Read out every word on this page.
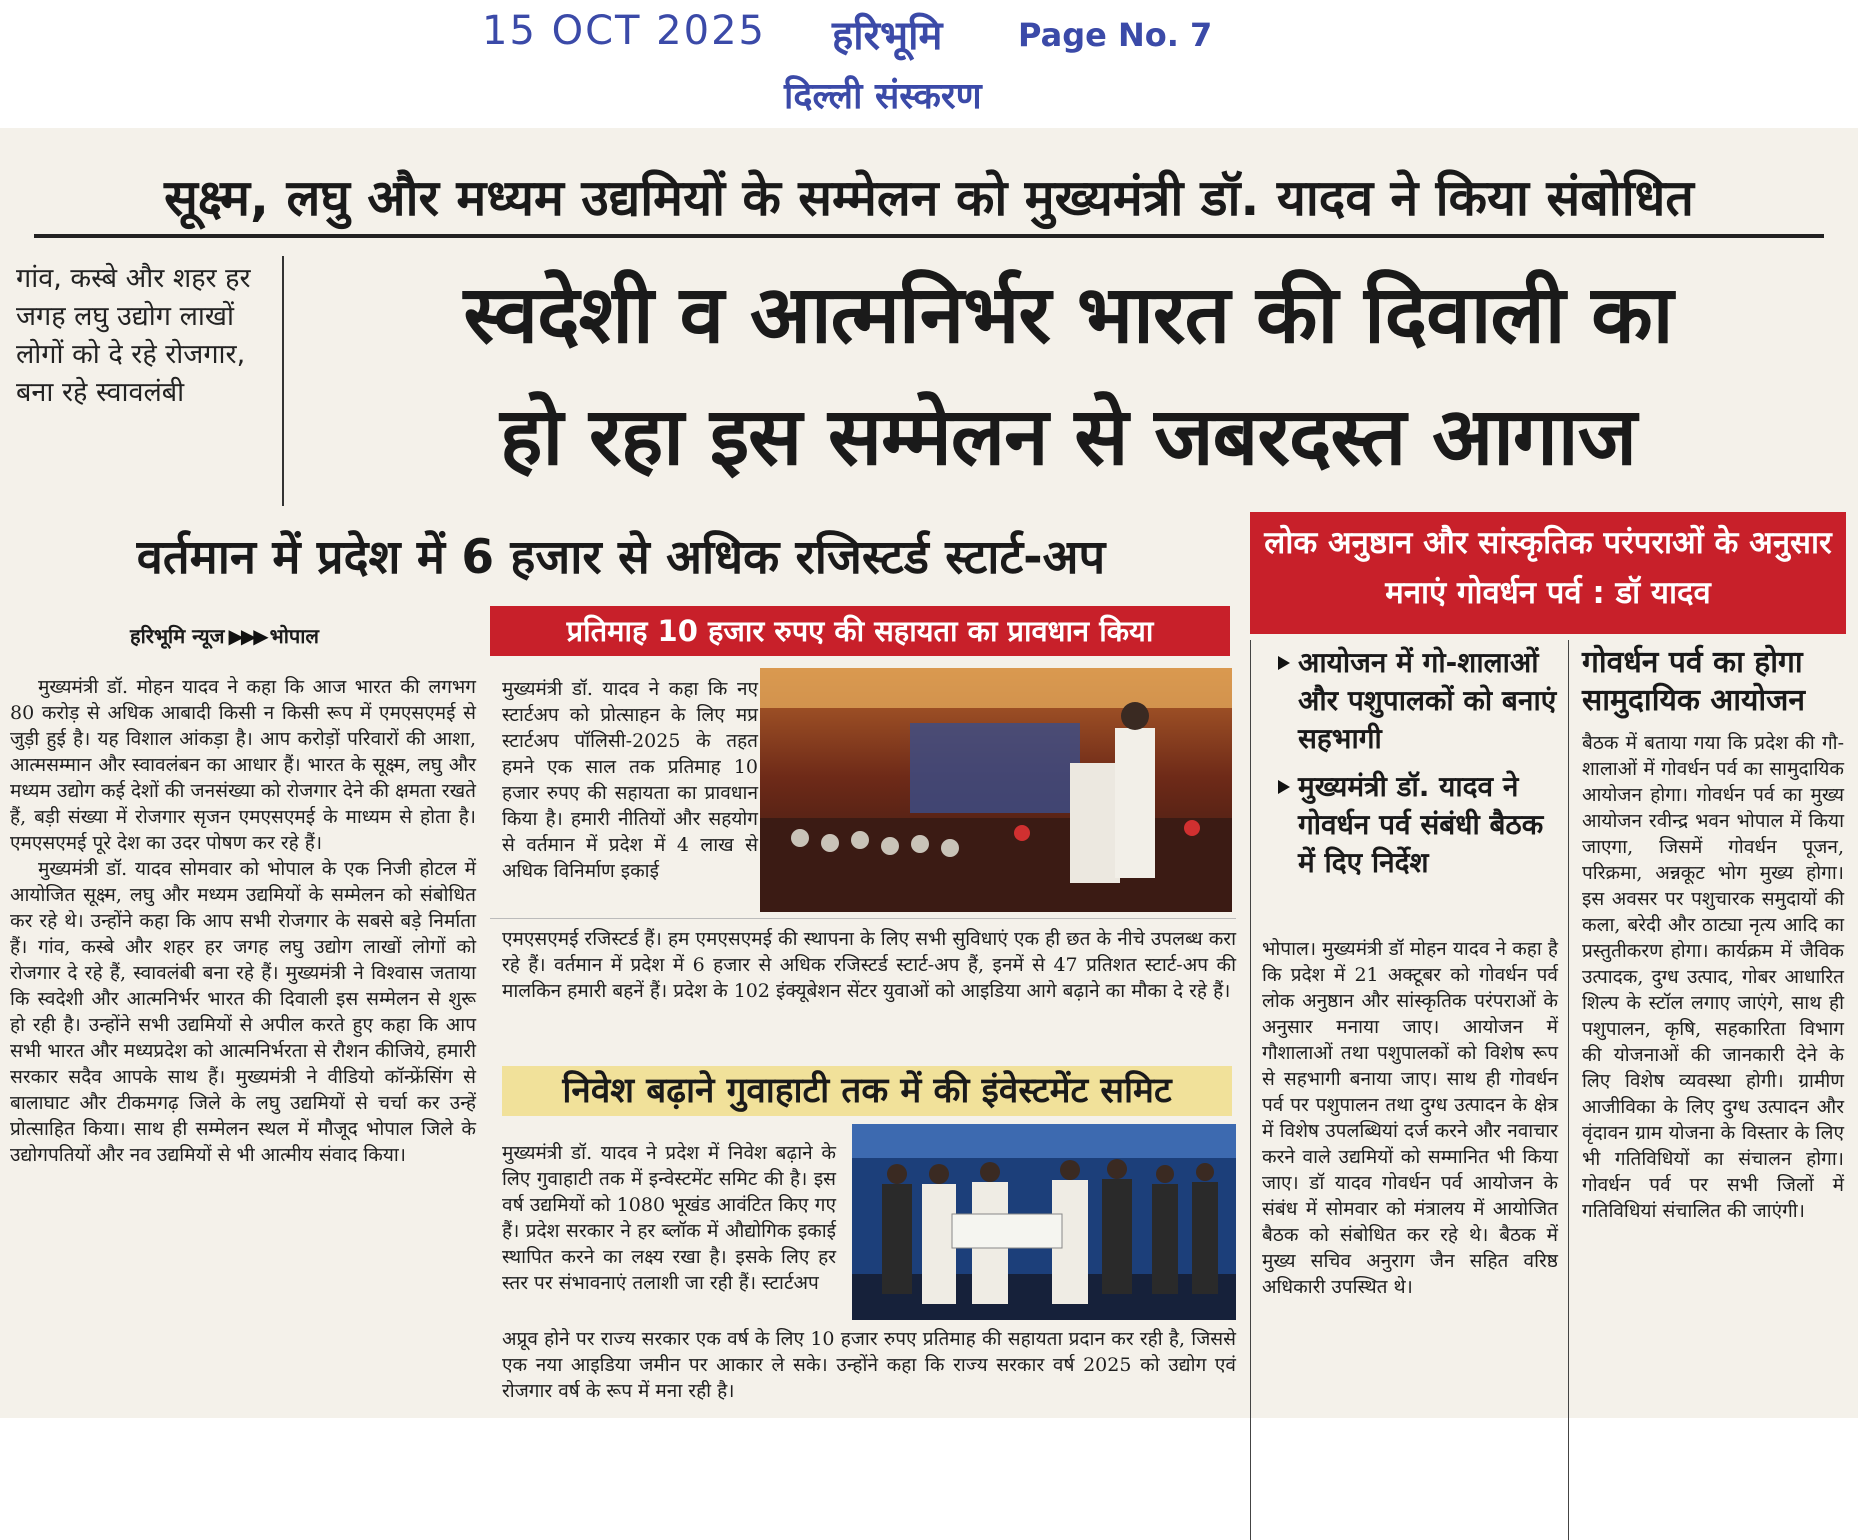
15 OCT 2025 हरिभूमि Page No. 7
दिल्ली संस्करण
सूक्ष्म, लघु और मध्यम उद्यमियों के सम्मेलन को मुख्यमंत्री डॉ. यादव ने किया संबोधित
गांव, कस्बे और शहर हर जगह लघु उद्योग लाखों लोगों को दे रहे रोजगार, बना रहे स्वावलंबी
स्वदेशी व आत्मनिर्भर भारत की दिवाली का
हो रहा इस सम्मेलन से जबरदस्त आगाज
वर्तमान में प्रदेश में 6 हजार से अधिक रजिस्टर्ड स्टार्ट-अप	लोक अनुष्ठान और सांस्कृतिक परंपराओं के अनुसार मनाएं गोवर्धन पर्व : डॉ यादव
हरिभूमि न्यूज ▶▶▶ भोपाल	प्रतिमाह 10 हजार रुपए की सहायता का प्रावधान किया

मुख्यमंत्री डॉ. मोहन यादव ने कहा कि आज भारत की लगभग 80 करोड़ से अधिक आबादी किसी न किसी रूप में एमएसएमई से जुड़ी हुई है। यह विशाल आंकड़ा है। आप करोड़ों परिवारों की आशा, आत्मसम्मान और स्वावलंबन का आधार हैं। भारत के सूक्ष्म, लघु और मध्यम उद्योग कई देशों की जनसंख्या को रोजगार देने की क्षमता रखते हैं, बड़ी संख्या में रोजगार सृजन एमएसएमई के माध्यम से होता है। एमएसएमई पूरे देश का उदर पोषण कर रहे हैं।

मुख्यमंत्री डॉ. यादव सोमवार को भोपाल के एक निजी होटल में आयोजित सूक्ष्म, लघु और मध्यम उद्यमियों के सम्मेलन को संबोधित कर रहे थे। उन्होंने कहा कि आप सभी रोजगार के सबसे बड़े निर्माता हैं। गांव, कस्बे और शहर हर जगह लघु उद्योग लाखों लोगों को रोजगार दे रहे हैं, स्वावलंबी बना रहे हैं। मुख्यमंत्री ने विश्वास जताया कि स्वदेशी और आत्मनिर्भर भारत की दिवाली इस सम्मेलन से शुरू हो रही है। उन्होंने सभी उद्यमियों से अपील करते हुए कहा कि आप सभी भारत और मध्यप्रदेश को आत्मनिर्भरता से रौशन कीजिये, हमारी सरकार सदैव आपके साथ हैं। मुख्यमंत्री ने वीडियो कॉन्फ्रेंसिंग से बालाघाट और टीकमगढ़ जिले के लघु उद्यमियों से चर्चा कर उन्हें प्रोत्साहित किया। साथ ही सम्मेलन स्थल में मौजूद भोपाल जिले के उद्योगपतियों और नव उद्यमियों से भी आत्मीय संवाद किया।

मुख्यमंत्री डॉ. यादव ने कहा कि नए स्टार्टअप को प्रोत्साहन के लिए मप्र स्टार्टअप पॉलिसी-2025 के तहत हमने एक साल तक प्रतिमाह 10 हजार रुपए की सहायता का प्रावधान किया है। हमारी नीतियों और सहयोग से वर्तमान में प्रदेश में 4 लाख से अधिक विनिर्माण इकाई

एमएसएमई रजिस्टर्ड हैं। हम एमएसएमई की स्थापना के लिए सभी सुविधाएं एक ही छत के नीचे उपलब्ध करा रहे हैं। वर्तमान में प्रदेश में 6 हजार से अधिक रजिस्टर्ड स्टार्ट-अप हैं, इनमें से 47 प्रतिशत स्टार्ट-अप की मालकिन हमारी बहनें हैं। प्रदेश के 102 इंक्यूबेशन सेंटर युवाओं को आइडिया आगे बढ़ाने का मौका दे रहे हैं।

निवेश बढ़ाने गुवाहाटी तक में की इंवेस्टमेंट समिट

मुख्यमंत्री डॉ. यादव ने प्रदेश में निवेश बढ़ाने के लिए गुवाहाटी तक में इन्वेस्टमेंट समिट की है। इस वर्ष उद्यमियों को 1080 भूखंड आवंटित किए गए हैं। प्रदेश सरकार ने हर ब्लॉक में औद्योगिक इकाई स्थापित करने का लक्ष्य रखा है। इसके लिए हर स्तर पर संभावनाएं तलाशी जा रही हैं। स्टार्टअप

अप्रूव होने पर राज्य सरकार एक वर्ष के लिए 10 हजार रुपए प्रतिमाह की सहायता प्रदान कर रही है, जिससे एक नया आइडिया जमीन पर आकार ले सके। उन्होंने कहा कि राज्य सरकार वर्ष 2025 को उद्योग एवं रोजगार वर्ष के रूप में मना रही है।

आयोजन में गो-शालाओं और पशुपालकों को बनाएं सहभागी
मुख्यमंत्री डॉ. यादव ने गोवर्धन पर्व संबंधी बैठक में दिए निर्देश

भोपाल। मुख्यमंत्री डॉ मोहन यादव ने कहा है कि प्रदेश में 21 अक्टूबर को गोवर्धन पर्व लोक अनुष्ठान और सांस्कृतिक परंपराओं के अनुसार मनाया जाए। आयोजन में गौशालाओं तथा पशुपालकों को विशेष रूप से सहभागी बनाया जाए। साथ ही गोवर्धन पर्व पर पशुपालन तथा दुग्ध उत्पादन के क्षेत्र में विशेष उपलब्धियां दर्ज करने और नवाचार करने वाले उद्यमियों को सम्मानित भी किया जाए। डॉ यादव गोवर्धन पर्व आयोजन के संबंध में सोमवार को मंत्रालय में आयोजित बैठक को संबोधित कर रहे थे। बैठक में मुख्य सचिव अनुराग जैन सहित वरिष्ठ अधिकारी उपस्थित थे।

गोवर्धन पर्व का होगा सामुदायिक आयोजन

बैठक में बताया गया कि प्रदेश की गौ-शालाओं में गोवर्धन पर्व का सामुदायिक आयोजन होगा। गोवर्धन पर्व का मुख्य आयोजन रवीन्द्र भवन भोपाल में किया जाएगा, जिसमें गोवर्धन पूजन, परिक्रमा, अन्नकूट भोग मुख्य होगा। इस अवसर पर पशुचारक समुदायों की कला, बरेदी और ठाट्या नृत्य आदि का प्रस्तुतीकरण होगा। कार्यक्रम में जैविक उत्पादक, दुग्ध उत्पाद, गोबर आधारित शिल्प के स्टॉल लगाए जाएंगे, साथ ही पशुपालन, कृषि, सहकारिता विभाग की योजनाओं की जानकारी देने के लिए विशेष व्यवस्था होगी। ग्रामीण आजीविका के लिए दुग्ध उत्पादन और वृंदावन ग्राम योजना के विस्तार के लिए भी गतिविधियों का संचालन होगा। गोवर्धन पर्व पर सभी जिलों में गतिविधियां संचालित की जाएंगी।
